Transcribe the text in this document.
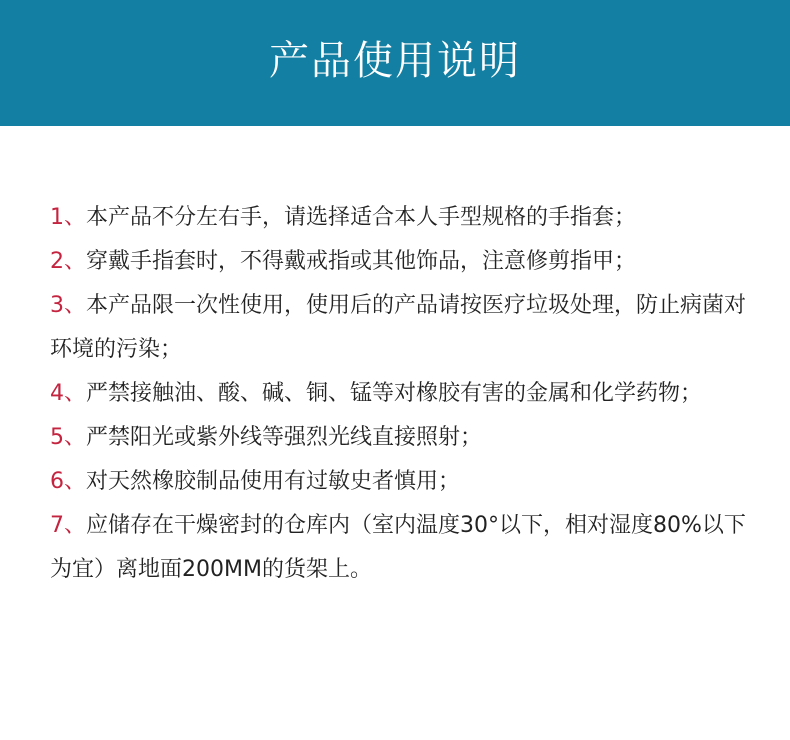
产品使用说明

1、本产品不分左右手，请选择适合本人手型规格的手指套；

2、穿戴手指套时，不得戴戒指或其他饰品，注意修剪指甲；

3、本产品限一次性使用，使用后的产品请按医疗垃圾处理，防止病菌对环境的污染；

4、严禁接触油、酸、碱、铜、锰等对橡胶有害的金属和化学药物；

5、严禁阳光或紫外线等强烈光线直接照射；

6、对天然橡胶制品使用有过敏史者慎用；

7、应储存在干燥密封的仓库内（室内温度30°以下，相对湿度80%以下为宜）离地面200MM的货架上。
